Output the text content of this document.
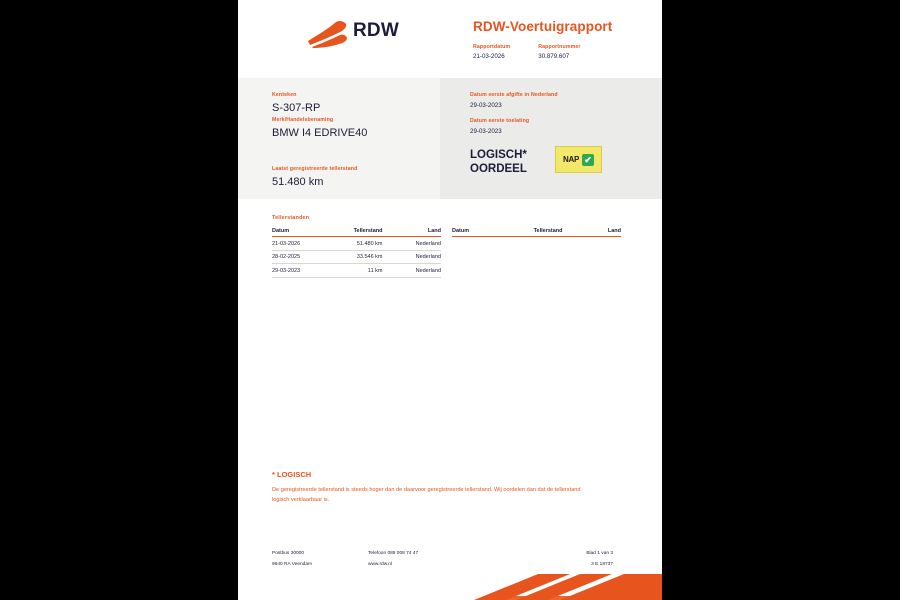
RDW	RDW-Voertuigrapport
Rapportdatum
21-03-2026
Rapportnummer
30.879.607
Kenteken
S-307-RP
Merk/Handelsbenaming
BMW I4 EDRIVE40
Laatst geregistreerde tellerstand
51.480 km
Datum eerste afgifte in Nederland
29-03-2023
Datum eerste toelating
29-03-2023
LOGISCH*
OORDEEL
NAP ✔
Tellerstanden
Datum	Tellerstand	Land
21-03-2026	51.480 km	Nederland
28-02-2025	33.546 km	Nederland
29-03-2023	11 km	Nederland
Datum	Tellerstand	Land
* LOGISCH
De geregistreerde tellerstand is steeds hoger dan de daarvoor geregistreerde tellerstand. Wij oordelen dan dat de tellerstand logisch verklaarbaar is.
Postbus 30000
9640 RA Veendam
Telefoon 088 008 74 47
www.rdw.nl
Blad 1 van 3
3 E 18737
